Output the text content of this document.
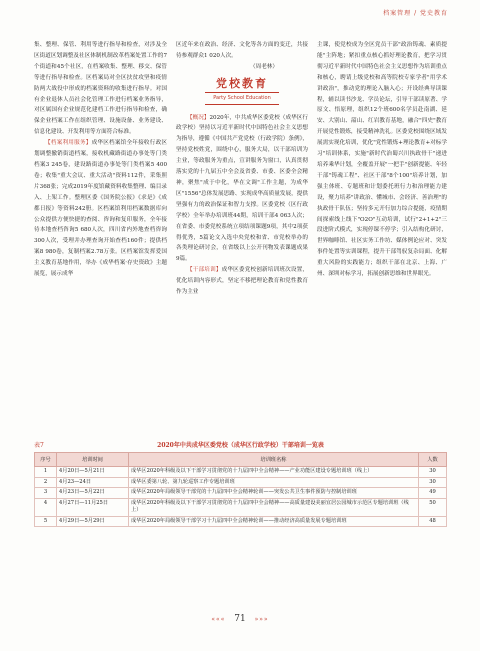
档案管理 / 党史教育

集、整理、保管、利用等进行指导和检查，对涉及全区街道区划调整及社区体制机制改革档案处置工作的7个街道和45个社区，在档案收集、整理、移交、保管等进行指导和检查。区档案局对全区扶贫攻坚和疫情防两大战役中形成的档案资料的收集进行指导。对国有企业退休人员社会化管理工作进行档案业务指导，对区属国有企业规范化建档工作进行指导和检查，确保企业档案工作在组织管理、设施设备、业务建设、信息化建设、开发利用等方面符合标准。

【档案利用服务】成华区档案馆全年接收行政区划调整撤销街道档案，接收机藏路街道办事处等门类档案3 245卷，建设路街道办事处等门类档案5 400卷；收集"重大会议、重大活动"资料112件，采集照片368张；完成2019年度馆藏资料收集整理、编目录入、上架工作。整理区委《国务院公报》《求是》《成都日报》等资料242册。区档案馆利用档案数据库向公众提供方便快捷的查阅、咨询和复印服务，全年接待本地查档咨询5 680人次，四川省内外地查档咨询300人次，受理并办理查询开始查档160件；提供档案8 980卷，复制档案2.78万张。区档案馆发挥爱国主义教育基地作用，举办《成华档案·存史资政》主题展览，展示成华

区近年来在政治、经济、文化等各方面的变迁，共接待参观群众1 020人次。

（周老林）

党校教育
Party School Education

【概况】2020年，中共成华区委党校（成华区行政学校）坚持以习近平新时代中国特色社会主义思想为指导，遵循《中国共产党党校（行政学院）条例》，坚持党校姓党，围绕中心，服务大局，以干部培训为主业，等政服务为重点，宣讲服务为窗口，认真贯彻落实党的十九届五中全会及省委、市委、区委全会精神，聚焦"成于中化，华在文调"工作主题，为成华区"1556"总体发展思路、实现成华高质量发展，提供坚强有力的政治保证和智力支撑。区委党校（区行政学校）全年举办培训班44期，培训干部4 063人次；在省委、市委党校系统立项结项课题9项，其中2项获得优秀，5篇论文入选中央党校和省、市党校举办的各类理论研讨会，在省级以上公开刊物发表课题成果9篇。

【干部培训】成华区委党校创新培训班次设置，优化培训内容形式，坚定不移把理论教育和党性教育作为主业

主课，使党校成为全区党员干部"政治铸魂、素质提能"主阵地；紧扣重点核心抓好理论教育，把学习贯彻习近平新时代中国特色社会主义思想作为培训重点和核心，聘请上级党校和高等院校专家学者"用学术讲政治"，推动党的理论入脑入心；开设经典导读课程，辅以读书沙龙、学员论坛，引导干部读原著、学原文、悟原理，组织12个班600名学员赴南湖、延安、大别山、韶山、红岩教育基地，融合"四史"教育开展党性锻炼，接受精神洗礼。区委党校围绕区域发展需实现化培训，优化"党性锻炼+理论教育+对标学习"培训体系，实施"新时代治蜀兴川执政骨干"递进培养乘华计划，全覆盖开展"一把手"创新提能、年轻干部"铸魂工程"、社区干部"8个100"培养计划，加强主体班、专题班和计划委托班行力和治理能力建设，聚力培养"讲政治、懂城市、会经济、善治理"的执政骨干队伍；坚持多元开行加力综合提能，疫情期间探索线上线下"O2O"互动培训，试行"2+1+2"三段进阶式模式，实现停课不停学；引入结构化研讨，世界咖啡馆、社区实务工作坊、媒体例论应对、突发事件处置等实训课程，提升干部驾驭复杂局面、化解重大风险的实践能力；组织干部在北京、上海、广州、深圳对标学习，拓展创新思维和世界眼光。

表7	2020年中共成华区委党校（成华区行政学校）干部培训一览表
序号	培训时间	培训班名称	人数
1	4月20日—5月21日	成华区2020年科级及以下干部学习贯彻党的十九届四中全会精神——产业功能区建设专题培训班（线上）	30
2	4月23—24日	成华区委第八轮、第九轮巡察工作专题培训班	30
3	4月23日—5月22日	成华区2020年局级领导干部党的十九届四中全会精神轮训——突发公共卫生事件预防与控制培训班	49
4	4月27日—11月25日	成华区2020年科级及以下干部学习贯彻党的十九届四中全会精神——高质量建设美丽宜居公园城市示范区专题培训班（线上）	50
5	4月29日—5月29日	成华区2020年局级领导干部学习十九届四中全会精神轮训——推动经济高质量发展专题培训班	48
««« 71 »»»
